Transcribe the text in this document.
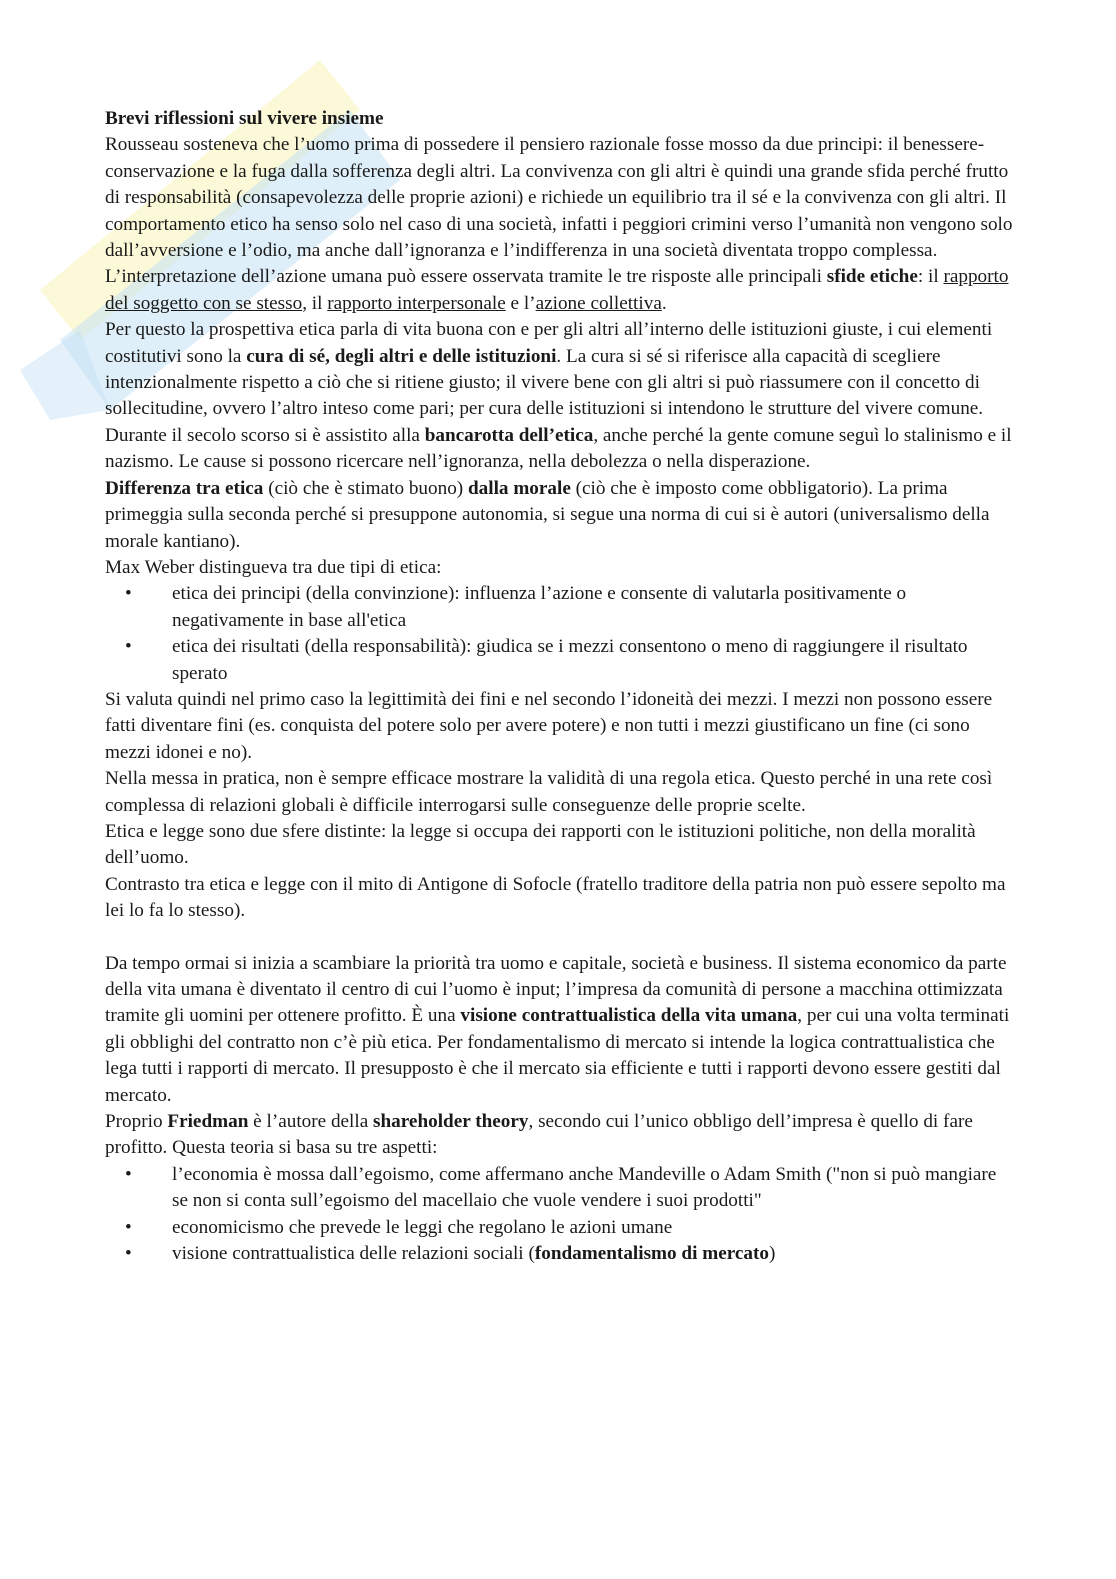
Brevi riflessioni sul vivere insieme

Rousseau sosteneva che l’uomo prima di possedere il pensiero razionale fosse mosso da due principi: il benessere-conservazione e la fuga dalla sofferenza degli altri. La convivenza con gli altri è quindi una grande sfida perché frutto di responsabilità (consapevolezza delle proprie azioni) e richiede un equilibrio tra il sé e la convivenza con gli altri. Il comportamento etico ha senso solo nel caso di una società, infatti i peggiori crimini verso l’umanità non vengono solo dall’avversione e l’odio, ma anche dall’ignoranza e l’indifferenza in una società diventata troppo complessa.

L’interpretazione dell’azione umana può essere osservata tramite le tre risposte alle principali sfide etiche: il rapporto del soggetto con se stesso, il rapporto interpersonale e l’azione collettiva.

Per questo la prospettiva etica parla di vita buona con e per gli altri all’interno delle istituzioni giuste, i cui elementi costitutivi sono la cura di sé, degli altri e delle istituzioni. La cura si sé si riferisce alla capacità di scegliere intenzionalmente rispetto a ciò che si ritiene giusto; il vivere bene con gli altri si può riassumere con il concetto di sollecitudine, ovvero l’altro inteso come pari; per cura delle istituzioni si intendono le strutture del vivere comune.

Durante il secolo scorso si è assistito alla bancarotta dell’etica, anche perché la gente comune seguì lo stalinismo e il nazismo. Le cause si possono ricercare nell’ignoranza, nella debolezza o nella disperazione.

Differenza tra etica (ciò che è stimato buono) dalla morale (ciò che è imposto come obbligatorio). La prima primeggia sulla seconda perché si presuppone autonomia, si segue una norma di cui si è autori (universalismo della morale kantiano).

Max Weber distingueva tra due tipi di etica:

• etica dei principi (della convinzione): influenza l’azione e consente di valutarla positivamente o negativamente in base all'etica
• etica dei risultati (della responsabilità): giudica se i mezzi consentono o meno di raggiungere il risultato sperato

Si valuta quindi nel primo caso la legittimità dei fini e nel secondo l’idoneità dei mezzi. I mezzi non possono essere fatti diventare fini (es. conquista del potere solo per avere potere) e non tutti i mezzi giustificano un fine (ci sono mezzi idonei e no).

Nella messa in pratica, non è sempre efficace mostrare la validità di una regola etica. Questo perché in una rete così complessa di relazioni globali è difficile interrogarsi sulle conseguenze delle proprie scelte.

Etica e legge sono due sfere distinte: la legge si occupa dei rapporti con le istituzioni politiche, non della moralità dell’uomo.

Contrasto tra etica e legge con il mito di Antigone di Sofocle (fratello traditore della patria non può essere sepolto ma lei lo fa lo stesso).

Da tempo ormai si inizia a scambiare la priorità tra uomo e capitale, società e business. Il sistema economico da parte della vita umana è diventato il centro di cui l’uomo è input; l’impresa da comunità di persone a macchina ottimizzata tramite gli uomini per ottenere profitto. È una visione contrattualistica della vita umana, per cui una volta terminati gli obblighi del contratto non c’è più etica. Per fondamentalismo di mercato si intende la logica contrattualistica che lega tutti i rapporti di mercato. Il presupposto è che il mercato sia efficiente e tutti i rapporti devono essere gestiti dal mercato.

Proprio Friedman è l’autore della shareholder theory, secondo cui l’unico obbligo dell’impresa è quello di fare profitto. Questa teoria si basa su tre aspetti:

• l’economia è mossa dall’egoismo, come affermano anche Mandeville o Adam Smith ("non si può mangiare se non si conta sull’egoismo del macellaio che vuole vendere i suoi prodotti"
• economicismo che prevede le leggi che regolano le azioni umane
• visione contrattualistica delle relazioni sociali (fondamentalismo di mercato)
